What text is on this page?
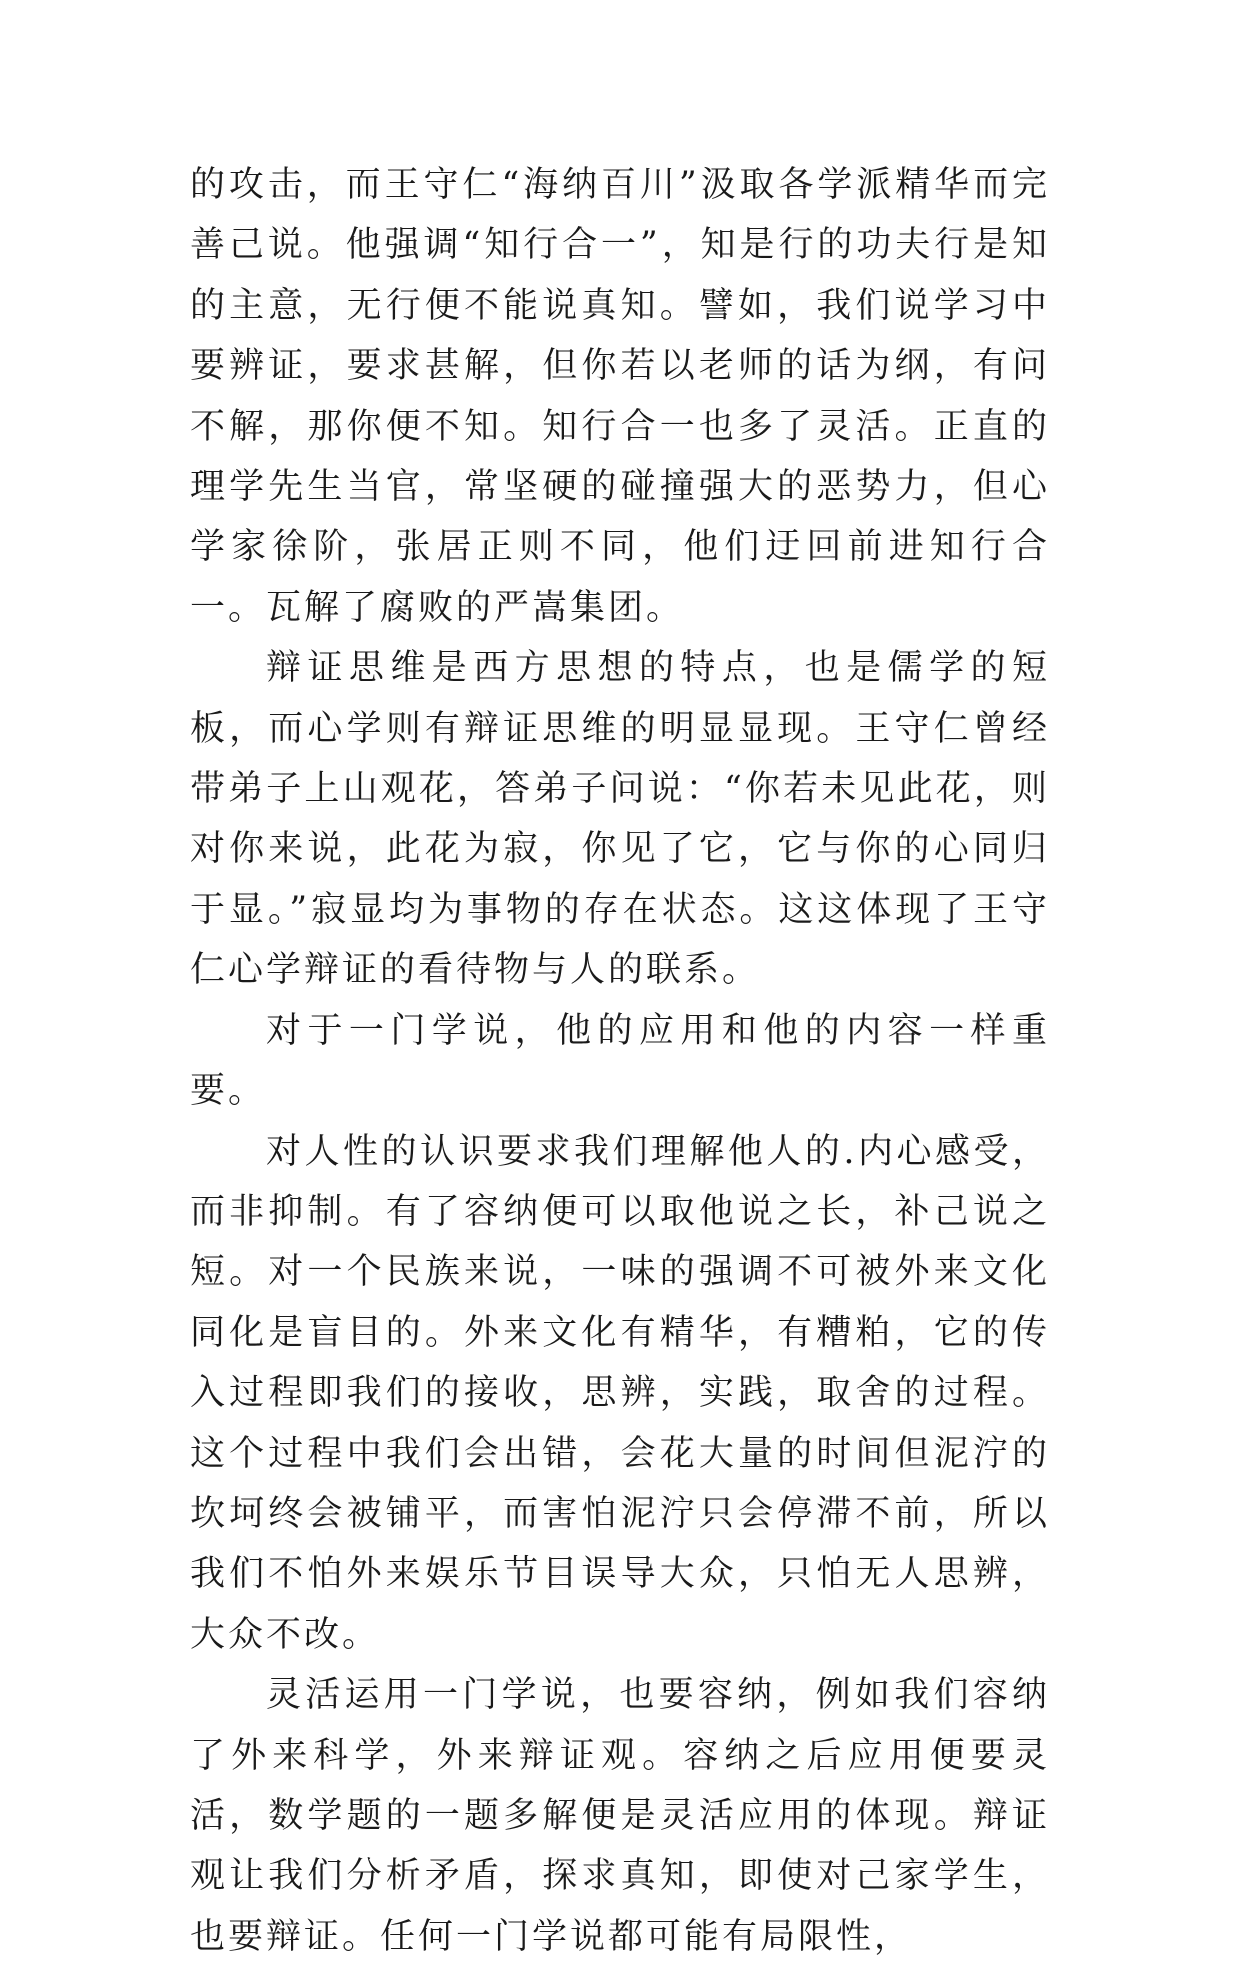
的攻击，而王守仁“海纳百川”汲取各学派精华而完善己说。他强调“知行合一”，知是行的功夫行是知的主意，无行便不能说真知。譬如，我们说学习中要辨证，要求甚解，但你若以老师的话为纲，有问不解，那你便不知。知行合一也多了灵活。正直的理学先生当官，常坚硬的碰撞强大的恶势力，但心学家徐阶，张居正则不同，他们迂回前进知行合一。瓦解了腐败的严嵩集团。

辩证思维是西方思想的特点，也是儒学的短板，而心学则有辩证思维的明显显现。王守仁曾经带弟子上山观花，答弟子问说：“你若未见此花，则对你来说，此花为寂，你见了它，它与你的心同归于显。”寂显均为事物的存在状态。这这体现了王守仁心学辩证的看待物与人的联系。

对于一门学说，他的应用和他的内容一样重要。

对人性的认识要求我们理解他人的.内心感受，而非抑制。有了容纳便可以取他说之长，补己说之短。对一个民族来说，一味的强调不可被外来文化同化是盲目的。外来文化有精华，有糟粕，它的传入过程即我们的接收，思辨，实践，取舍的过程。这个过程中我们会出错，会花大量的时间但泥泞的坎坷终会被铺平，而害怕泥泞只会停滞不前，所以我们不怕外来娱乐节目误导大众，只怕无人思辨，大众不改。

灵活运用一门学说，也要容纳，例如我们容纳了外来科学，外来辩证观。容纳之后应用便要灵活，数学题的一题多解便是灵活应用的体现。辩证观让我们分析矛盾，探求真知，即使对己家学生，也要辩证。任何一门学说都可能有局限性，
